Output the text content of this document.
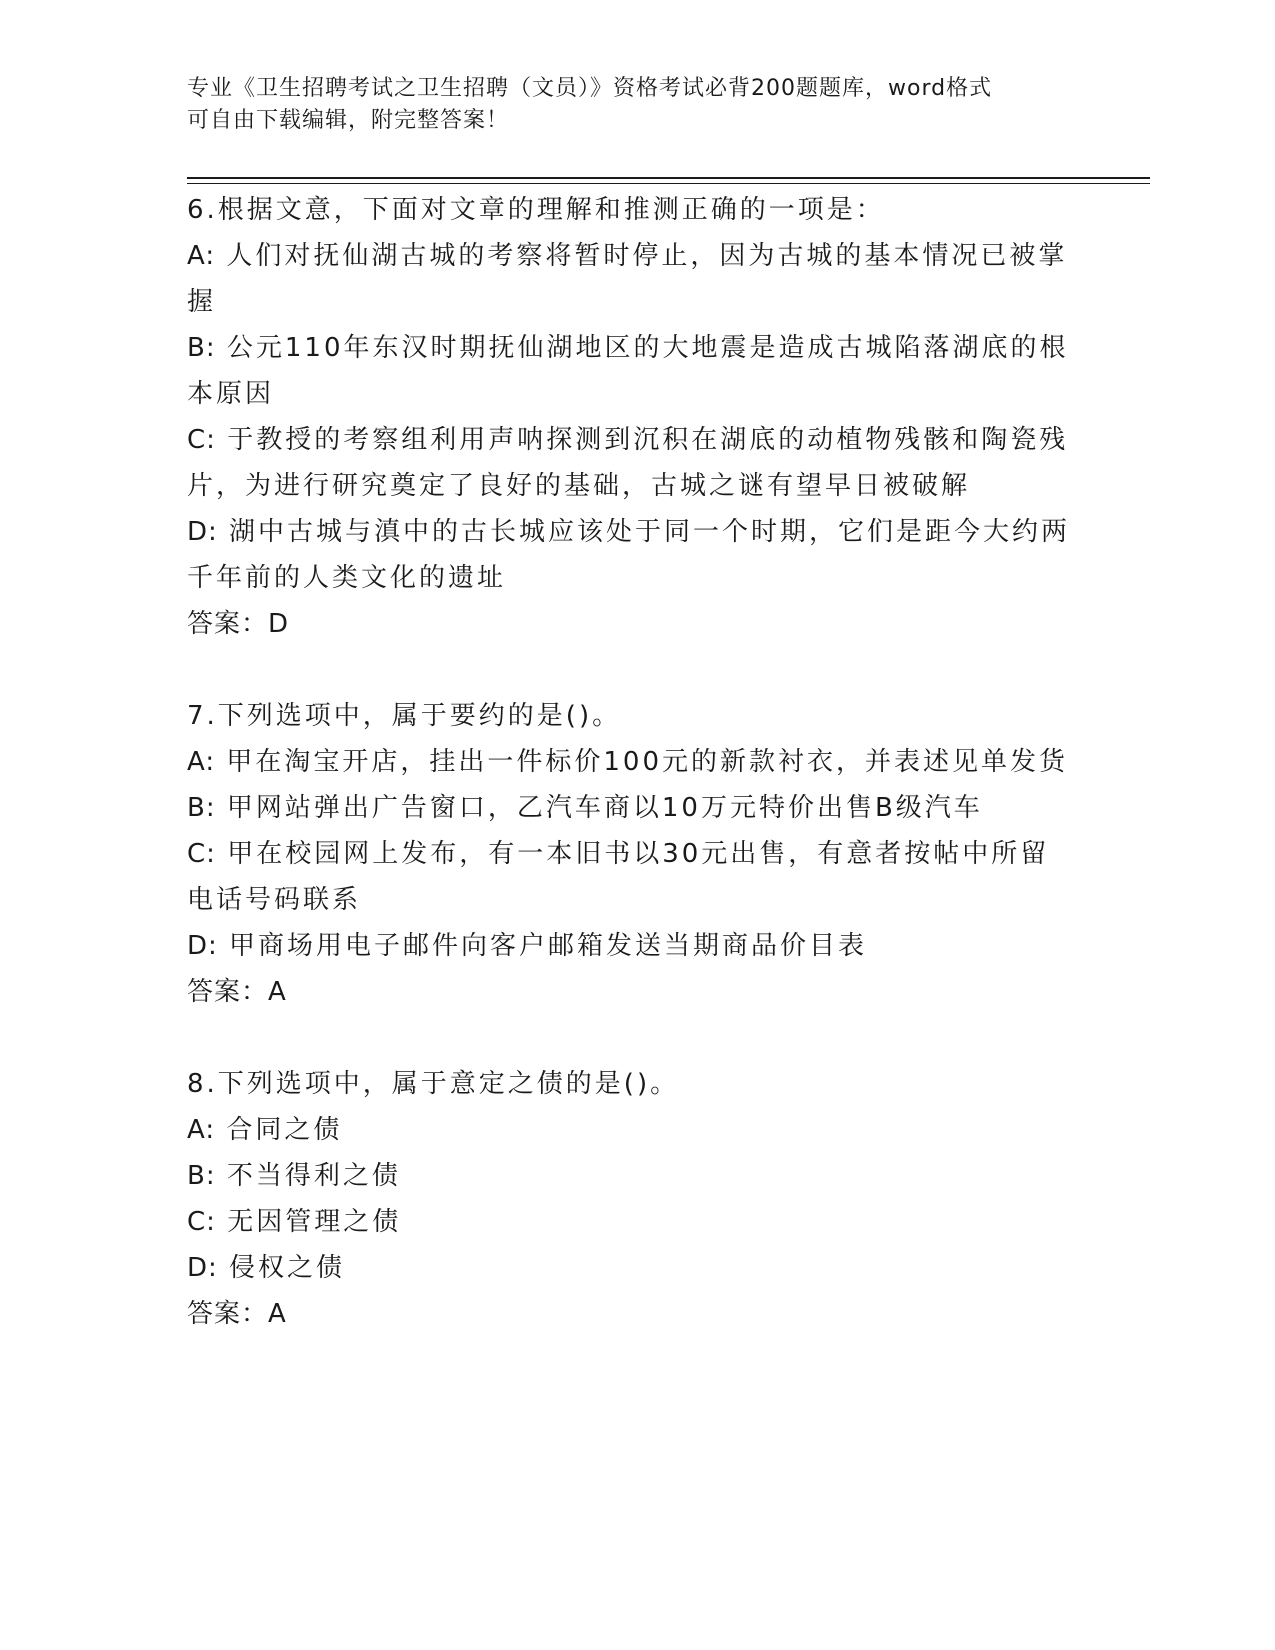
专业《卫生招聘考试之卫生招聘（文员）》资格考试必背200题题库，word格式

可自由下载编辑，附完整答案！

6.根据文意，下面对文章的理解和推测正确的一项是：

A: 人们对抚仙湖古城的考察将暂时停止，因为古城的基本情况已被掌

握

B: 公元110年东汉时期抚仙湖地区的大地震是造成古城陷落湖底的根

本原因

C: 于教授的考察组利用声呐探测到沉积在湖底的动植物残骸和陶瓷残

片，为进行研究奠定了良好的基础，古城之谜有望早日被破解

D: 湖中古城与滇中的古长城应该处于同一个时期，它们是距今大约两

千年前的人类文化的遗址

答案：D

7.下列选项中，属于要约的是()。

A: 甲在淘宝开店，挂出一件标价100元的新款衬衣，并表述见单发货

B: 甲网站弹出广告窗口，乙汽车商以10万元特价出售B级汽车

C: 甲在校园网上发布，有一本旧书以30元出售，有意者按帖中所留

电话号码联系

D: 甲商场用电子邮件向客户邮箱发送当期商品价目表

答案：A

8.下列选项中，属于意定之债的是()。

A: 合同之债

B: 不当得利之债

C: 无因管理之债

D: 侵权之债

答案：A
